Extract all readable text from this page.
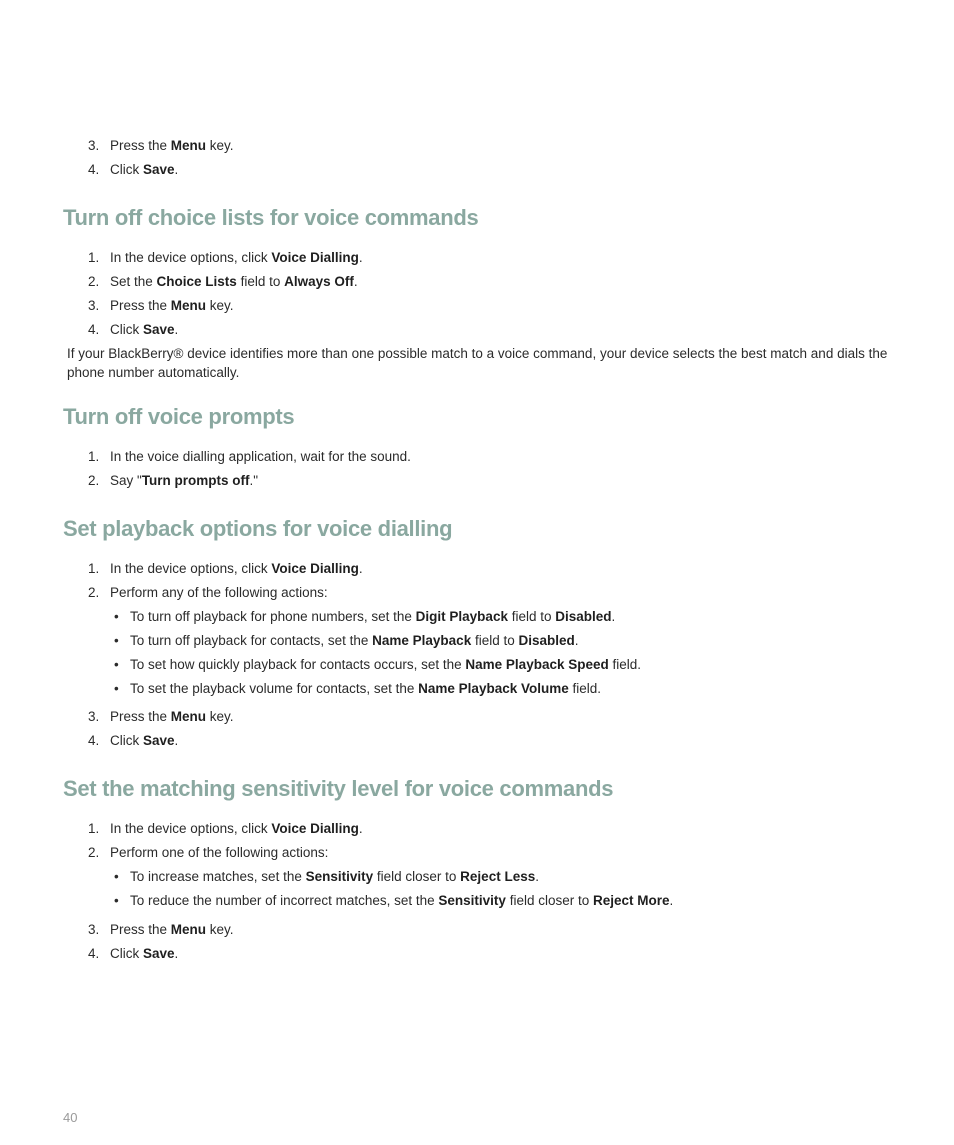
3. Press the Menu key.
4. Click Save.
Turn off choice lists for voice commands
1. In the device options, click Voice Dialling.
2. Set the Choice Lists field to Always Off.
3. Press the Menu key.
4. Click Save.

If your BlackBerry® device identifies more than one possible match to a voice command, your device selects the best match and dials the phone number automatically.

Turn off voice prompts
1. In the voice dialling application, wait for the sound.
2. Say "Turn prompts off."
Set playback options for voice dialling
1. In the device options, click Voice Dialling.
2. Perform any of the following actions:
• To turn off playback for phone numbers, set the Digit Playback field to Disabled.
• To turn off playback for contacts, set the Name Playback field to Disabled.
• To set how quickly playback for contacts occurs, set the Name Playback Speed field.
• To set the playback volume for contacts, set the Name Playback Volume field.
3. Press the Menu key.
4. Click Save.
Set the matching sensitivity level for voice commands
1. In the device options, click Voice Dialling.
2. Perform one of the following actions:
• To increase matches, set the Sensitivity field closer to Reject Less.
• To reduce the number of incorrect matches, set the Sensitivity field closer to Reject More.
3. Press the Menu key.
4. Click Save.
40
